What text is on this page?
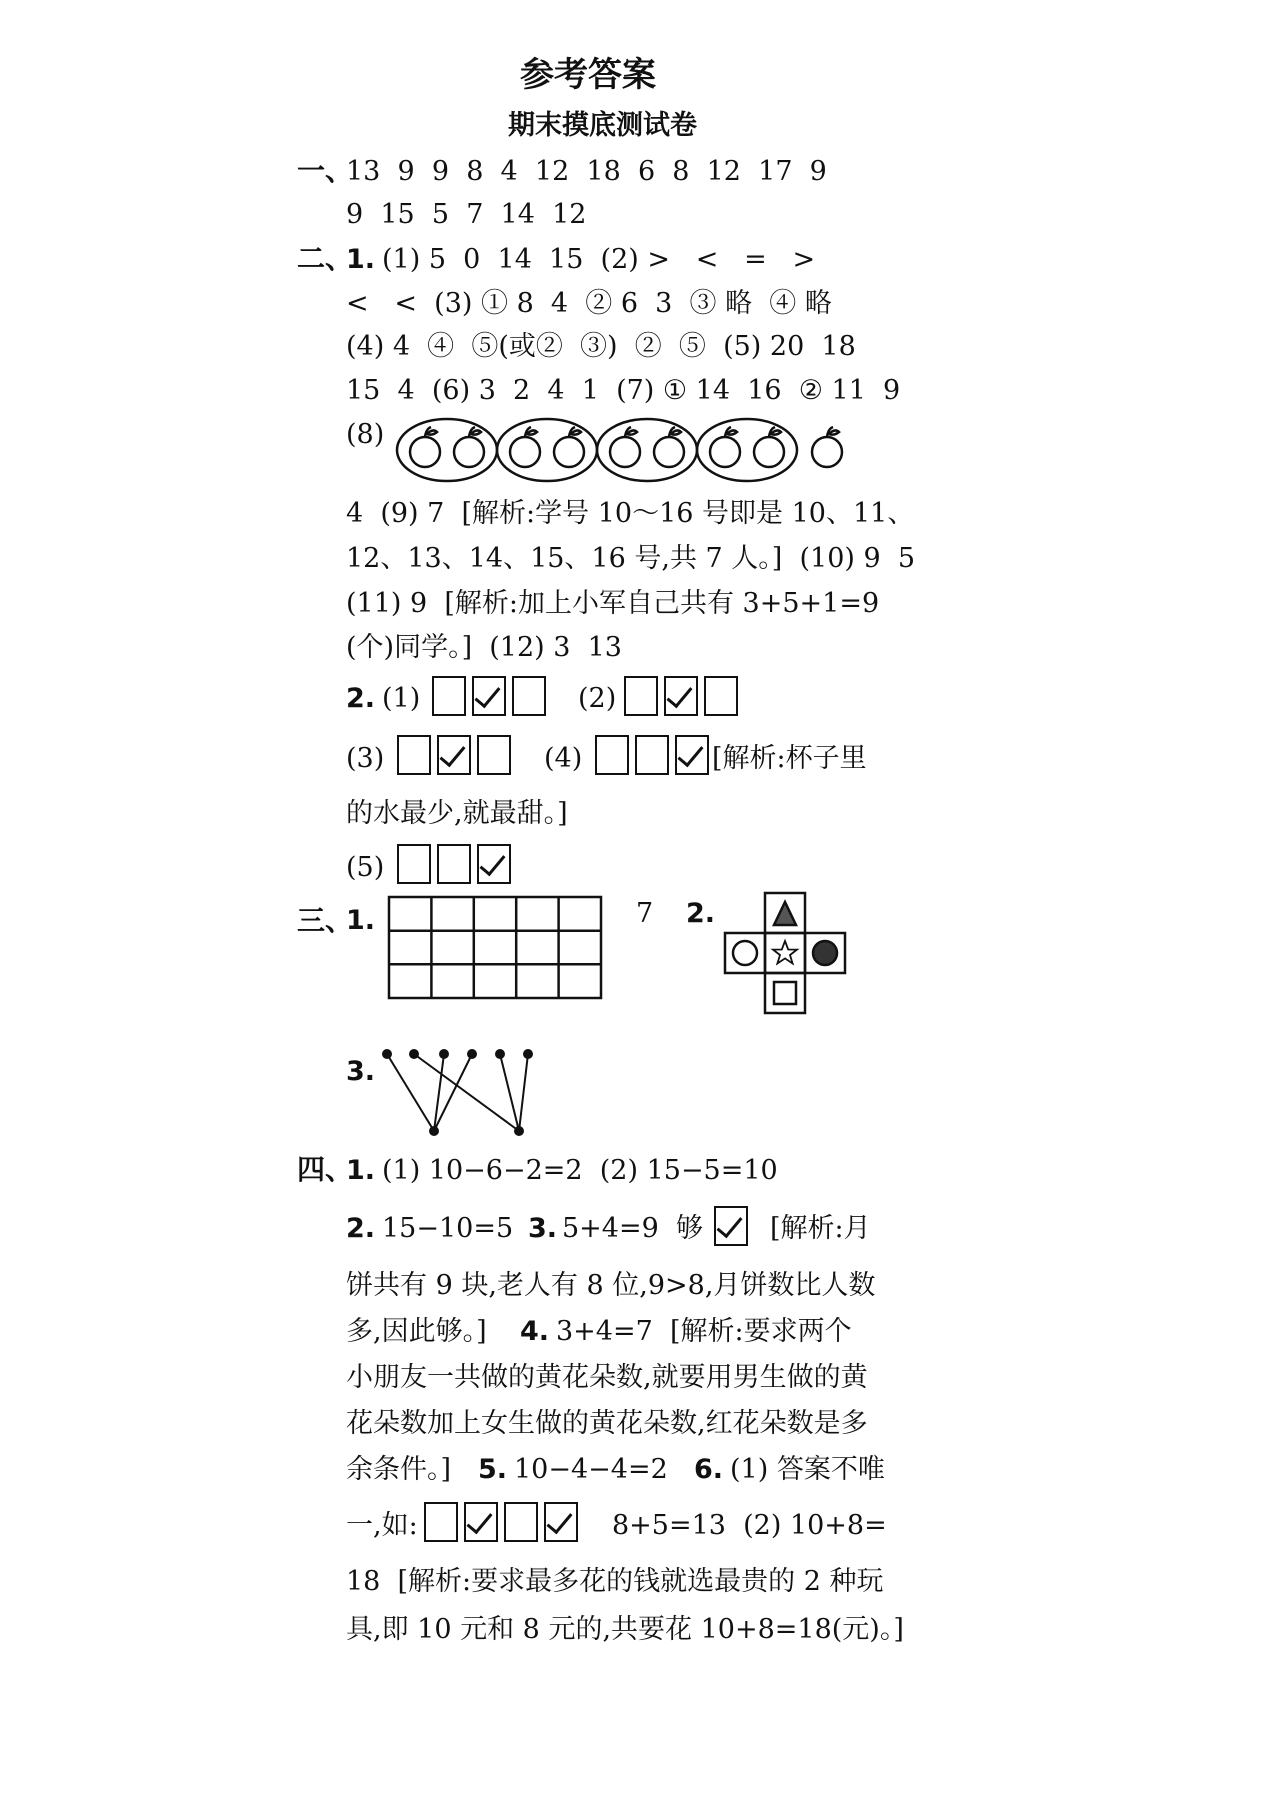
参考答案
期末摸底测试卷
一、
13  9  9  8  4  12  18  6  8  12  17  9
9  15  5  7  14  12
二、
1. (1) 5  0  14  15  (2) >   <   =   >
<   <  (3) ① 8  4  ② 6  3  ③ 略  ④ 略
(4) 4  ④  ⑤(或②  ③)  ②  ⑤  (5) 20  18
15  4  (6) 3  2  4  1  (7) ① 14  16  ② 11  9
(8)
4  (9) 7  [解析:学号 10～16 号即是 10、11、
12、13、14、15、16 号,共 7 人。]  (10) 9  5
(11) 9  [解析:加上小军自己共有 3+5+1=9
(个)同学。]  (12) 3  13
2. (1)	(2)
(3)	(4)	[解析:杯子里
的水最少,就最甜。]
(5)
三、
1.	7 2.
3.
四、
1. (1) 10−6−2=2  (2) 15−5=10
2. 15−10=5 3. 5+4=9  够 [解析:月
饼共有 9 块,老人有 8 位,9>8,月饼数比人数
多,因此够。] 4. 3+4=7  [解析:要求两个
小朋友一共做的黄花朵数,就要用男生做的黄
花朵数加上女生做的黄花朵数,红花朵数是多
余条件。] 5. 10−4−4=2 6. (1) 答案不唯
一,如:	8+5=13  (2) 10+8=
18  [解析:要求最多花的钱就选最贵的 2 种玩
具,即 10 元和 8 元的,共要花 10+8=18(元)。]
